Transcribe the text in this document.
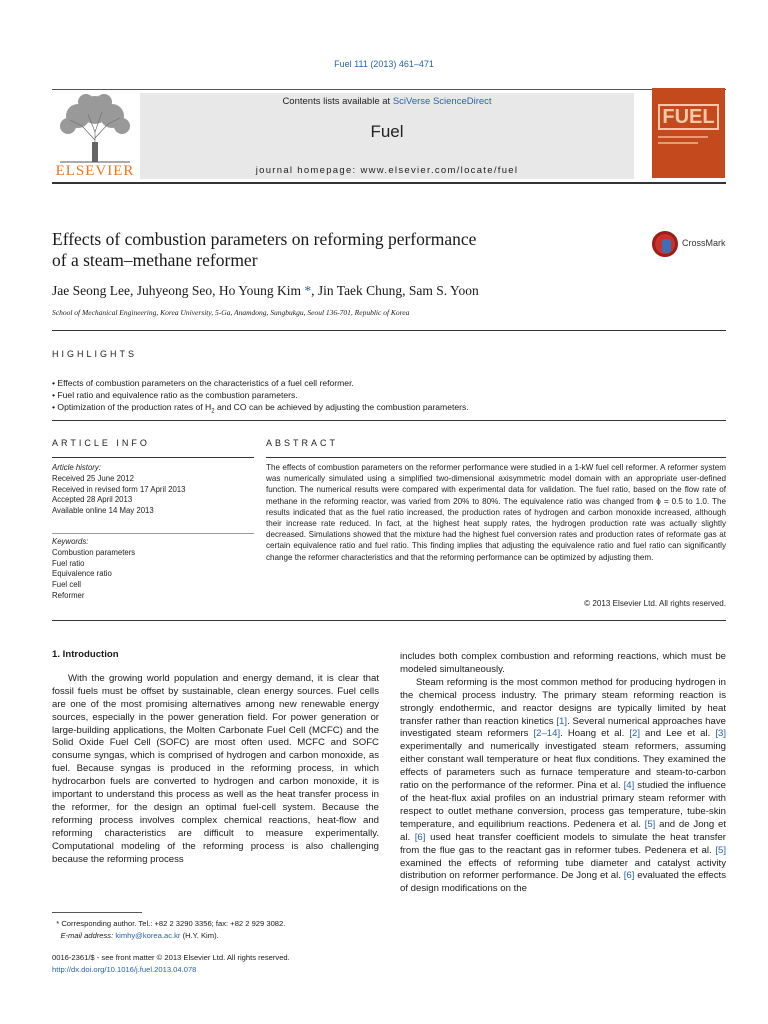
Fuel 111 (2013) 461–471
ELSEVIER
Contents lists available at SciVerse ScienceDirect
Fuel
journal homepage: www.elsevier.com/locate/fuel
FUEL
Effects of combustion parameters on reforming performance
of a steam–methane reformer
CrossMark
Jae Seong Lee, Juhyeong Seo, Ho Young Kim *, Jin Taek Chung, Sam S. Yoon
School of Mechanical Engineering, Korea University, 5-Ga, Anamdong, Sungbukgu, Seoul 136-701, Republic of Korea
HIGHLIGHTS
• Effects of combustion parameters on the characteristics of a fuel cell reformer.
• Fuel ratio and equivalence ratio as the combustion parameters.
• Optimization of the production rates of $H_2$ and CO can be achieved by adjusting the combustion parameters.
ARTICLE INFO	ABSTRACT
Article history:
Received 25 June 2012
Received in revised form 17 April 2013
Accepted 28 April 2013
Available online 14 May 2013
Keywords:
Combustion parameters
Fuel ratio
Equivalence ratio
Fuel cell
Reformer
The effects of combustion parameters on the reformer performance were studied in a 1-kW fuel cell reformer. A reformer system was numerically simulated using a simplified two-dimensional axisymmetric model domain with an appropriate user-defined function. The numerical results were compared with experimental data for validation. The fuel ratio, based on the flow rate of methane in the reforming reactor, was varied from 20% to 80%. The equivalence ratio was changed from ϕ = 0.5 to 1.0. The results indicated that as the fuel ratio increased, the production rates of hydrogen and carbon monoxide increased, although their increase rate reduced. In fact, at the highest heat supply rates, the hydrogen production rate was actually slightly decreased. Simulations showed that the mixture had the highest fuel conversion rates and production rates of reformate gas at certain equivalence ratio and fuel ratio. This finding implies that adjusting the equivalence ratio and fuel ratio can significantly change the reformer characteristics and that the reforming performance can be optimized by adjusting them.
© 2013 Elsevier Ltd. All rights reserved.
1. Introduction

With the growing world population and energy demand, it is clear that fossil fuels must be offset by sustainable, clean energy sources. Fuel cells are one of the most promising alternatives among new renewable energy sources, especially in the power generation field. For power generation or large-building applications, the Molten Carbonate Fuel Cell (MCFC) and the Solid Oxide Fuel Cell (SOFC) are most often used. MCFC and SOFC consume syngas, which is comprised of hydrogen and carbon monoxide, as fuel. Because syngas is produced in the reforming process, in which hydrocarbon fuels are converted to hydrogen and carbon monoxide, it is important to understand this process as well as the heat transfer process in the reformer, for the design an optimal fuel-cell system. Because the reforming process involves complex chemical reactions, heat-flow and reforming characteristics are difficult to measure experimentally. Computational modeling of the reforming process is also challenging because the reforming process

includes both complex combustion and reforming reactions, which must be modeled simultaneously.

Steam reforming is the most common method for producing hydrogen in the chemical process industry. The primary steam reforming reaction is strongly endothermic, and reactor designs are typically limited by heat transfer rather than reaction kinetics [1]. Several numerical approaches have investigated steam reformers [2–14]. Hoang et al. [2] and Lee et al. [3] experimentally and numerically investigated steam reformers, assuming either constant wall temperature or heat flux conditions. They examined the effects of parameters such as furnace temperature and steam-to-carbon ratio on the performance of the reformer. Pina et al. [4] studied the influence of the heat-flux axial profiles on an industrial primary steam reformer with respect to outlet methane conversion, process gas temperature, tube-skin temperature, and equilibrium reactions. Pedenera et al. [5] and de Jong et al. [6] used heat transfer coefficient models to simulate the heat transfer from the flue gas to the reactant gas in reformer tubes. Pedenera et al. [5] examined the effects of reforming tube diameter and catalyst activity distribution on reformer performance. De Jong et al. [6] evaluated the effects of design modifications on the

* Corresponding author. Tel.: +82 2 3290 3356; fax: +82 2 929 3082.
E-mail address: kimhy@korea.ac.kr (H.Y. Kim).
0016-2361/$ - see front matter © 2013 Elsevier Ltd. All rights reserved.
http://dx.doi.org/10.1016/j.fuel.2013.04.078
